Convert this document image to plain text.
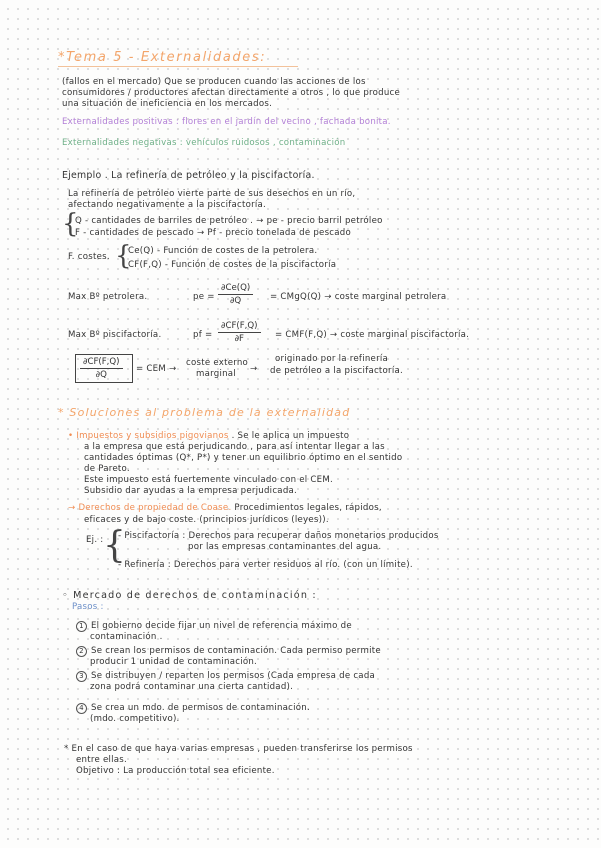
*Tema 5 - Externalidades:
(fallos en el mercado) Que se producen cuando las acciones de los
consumidores / productores afectan directamente a otros , lo que produce
una situación de ineficiencia en los mercados.
Externalidades positivas : flores en el jardín del vecino , fachada bonita.
Externalidades negativas : vehículos ruidosos , contaminación
Ejemplo . La refinería de petróleo y la piscifactoría.
La refinería de petróleo vierte parte de sus desechos en un río,
afectando negativamente a la piscifactoría.
{
Q - cantidades de barriles de petróleo . → pe - precio barril petróleo
F - cantidades de pescado → Pf - precio tonelada de pescado
F. costes. {
Ce(Q) - Función de costes de la petrolera.
CF(F,Q) - Función de costes de la piscifactoría
Max Bº petrolera.	pe = $\frac{\partial Ce(Q)}{\partial Q}$ = CMgQ(Q) → coste marginal petrolera
Max Bº piscifactoría.	pf = $\frac{\partial CF(F,Q)}{\partial F} = CMF(F,Q)$ → coste marginal piscifactoría.
$\frac{\partial CF(F,Q)}{\partial Q}$ = CEM →
coste externo
marginal →
originado por la refinería
de petróleo a la piscifactoría.
* Soluciones al problema de la externalidad
• Impuestos y subsidios pigovianos . Se le aplica un impuesto
a la empresa que está perjudicando , para así intentar llegar a las
cantidades óptimas (Q*, P*) y tener un equilibrio óptimo en el sentido
de Pareto.
Este impuesto está fuertemente vinculado con el CEM.
Subsidio dar ayudas a la empresa perjudicada.
→ Derechos de propiedad de Coase. Procedimientos legales, rápidos,
eficaces y de bajo coste. (principios jurídicos (leyes)).
Ej. : {
- Piscifactoría : Derechos para recuperar daños monetarios producidos
por las empresas contaminantes del agua.
- Refinería : Derechos para verter residuos al río. (con un límite).
◦ Mercado de derechos de contaminación :
Pasos :
1 El gobierno decide fijar un nivel de referencia máximo de
contaminación .
2 Se crean los permisos de contaminación. Cada permiso permite
producir 1 unidad de contaminación.
3 Se distribuyen / reparten los permisos (Cada empresa de cada
zona podrá contaminar una cierta cantidad).
4 Se crea un mdo. de permisos de contaminación.
(mdo. competitivo).
* En el caso de que haya varias empresas , pueden transferirse los permisos
entre ellas.
Objetivo : La producción total sea eficiente.
